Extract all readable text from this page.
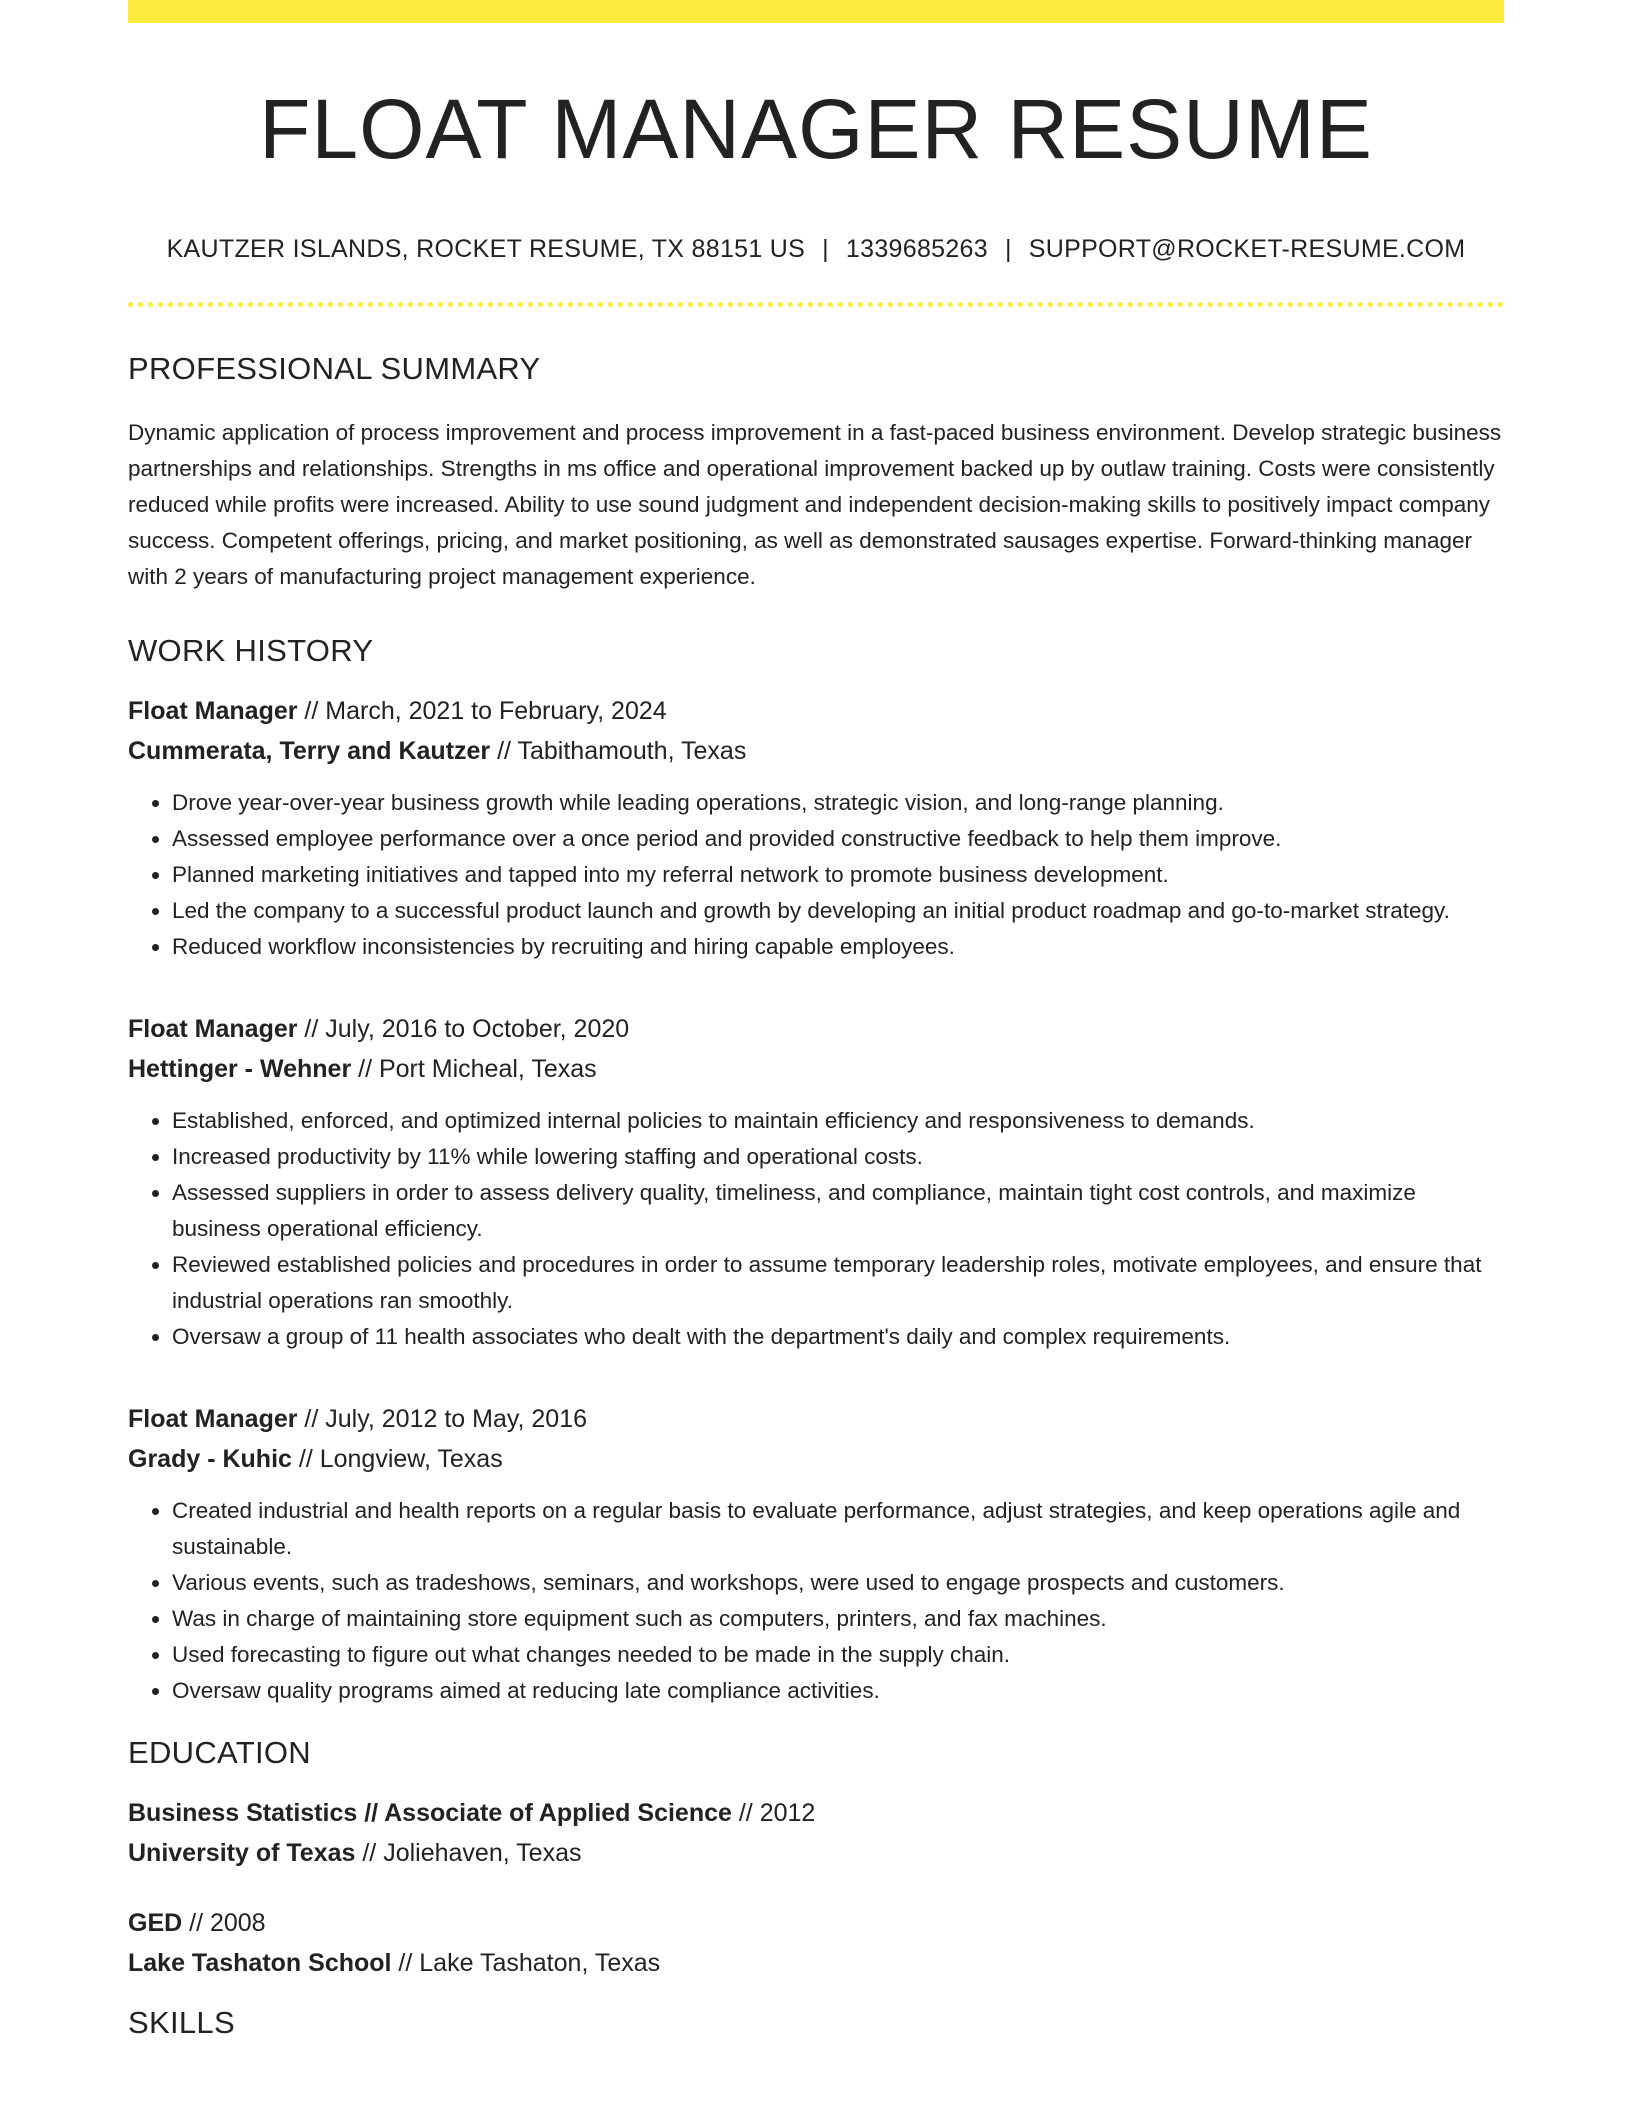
FLOAT MANAGER RESUME
KAUTZER ISLANDS, ROCKET RESUME, TX 88151 US | 1339685263 | SUPPORT@ROCKET-RESUME.COM
PROFESSIONAL SUMMARY
Dynamic application of process improvement and process improvement in a fast-paced business environment. Develop strategic business partnerships and relationships. Strengths in ms office and operational improvement backed up by outlaw training. Costs were consistently reduced while profits were increased. Ability to use sound judgment and independent decision-making skills to positively impact company success. Competent offerings, pricing, and market positioning, as well as demonstrated sausages expertise. Forward-thinking manager with 2 years of manufacturing project management experience.
WORK HISTORY
Float Manager // March, 2021 to February, 2024
Cummerata, Terry and Kautzer // Tabithamouth, Texas
• Drove year-over-year business growth while leading operations, strategic vision, and long-range planning.
• Assessed employee performance over a once period and provided constructive feedback to help them improve.
• Planned marketing initiatives and tapped into my referral network to promote business development.
• Led the company to a successful product launch and growth by developing an initial product roadmap and go-to-market strategy.
• Reduced workflow inconsistencies by recruiting and hiring capable employees.
Float Manager // July, 2016 to October, 2020
Hettinger - Wehner // Port Micheal, Texas
• Established, enforced, and optimized internal policies to maintain efficiency and responsiveness to demands.
• Increased productivity by 11% while lowering staffing and operational costs.
• Assessed suppliers in order to assess delivery quality, timeliness, and compliance, maintain tight cost controls, and maximize business operational efficiency.
• Reviewed established policies and procedures in order to assume temporary leadership roles, motivate employees, and ensure that industrial operations ran smoothly.
• Oversaw a group of 11 health associates who dealt with the department's daily and complex requirements.
Float Manager // July, 2012 to May, 2016
Grady - Kuhic // Longview, Texas
• Created industrial and health reports on a regular basis to evaluate performance, adjust strategies, and keep operations agile and sustainable.
• Various events, such as tradeshows, seminars, and workshops, were used to engage prospects and customers.
• Was in charge of maintaining store equipment such as computers, printers, and fax machines.
• Used forecasting to figure out what changes needed to be made in the supply chain.
• Oversaw quality programs aimed at reducing late compliance activities.
EDUCATION
Business Statistics // Associate of Applied Science // 2012
University of Texas // Joliehaven, Texas
GED // 2008
Lake Tashaton School // Lake Tashaton, Texas
SKILLS
